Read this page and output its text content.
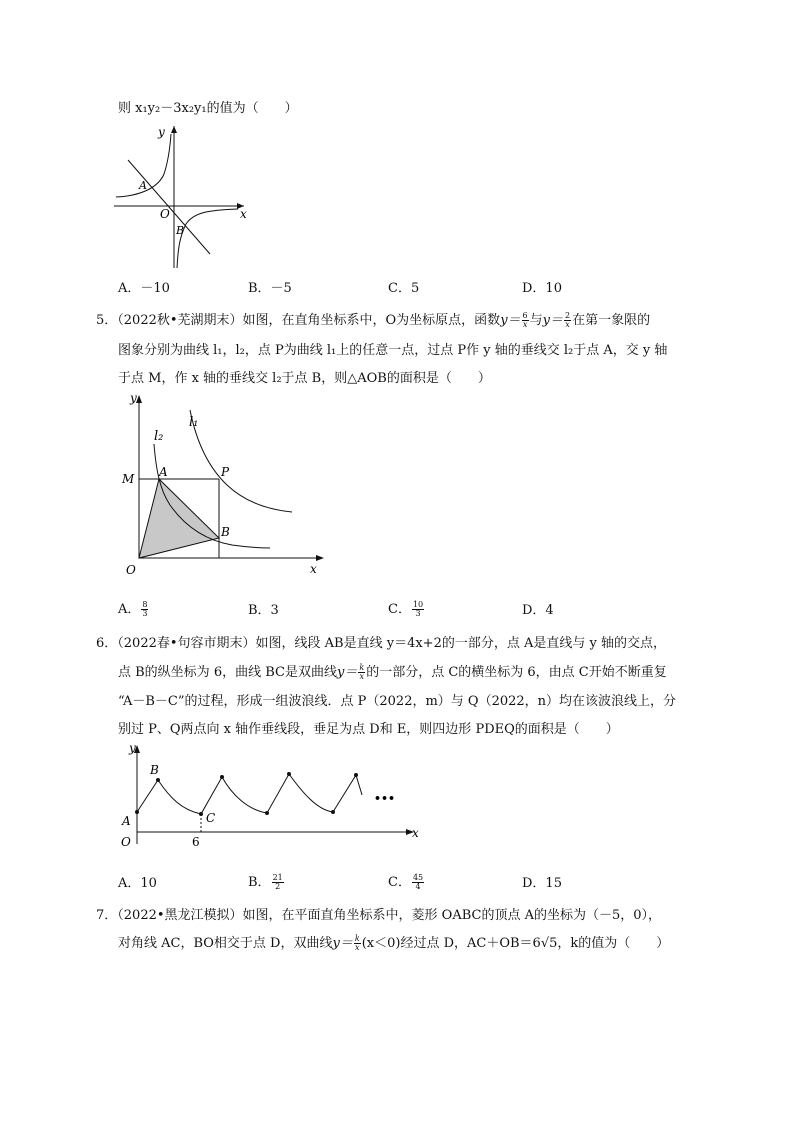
则 x₁y₂－3x₂y₁的值为（　　）
y
x
O
A
B
A．－10	B．－5	C．5	D．10
5．（2022秋•芜湖期末）如图，在直角坐标系中，O为坐标原点，函数$y= \frac{6}{x}$ 与$y= \frac{2}{x}$ 在第一象限的
图象分别为曲线 l₁，l₂，点 P为曲线 l₁上的任意一点，过点 P作 y 轴的垂线交 l₂于点 A，交 y 轴
于点 M，作 x 轴的垂线交 l₂于点 B，则△AOB的面积是（　　）
y
x
O
M A	P
B
l₁
l₂
A． $\frac{8}{3}$	B．3	C． $\frac{10}{3}$	D．4
6．（2022春•句容市期末）如图，线段 AB是直线 y＝4x+2的一部分，点 A是直线与 y 轴的交点，
点 B的纵坐标为 6，曲线 BC是双曲线$y= \frac{k}{x}$ 的一部分，点 C的横坐标为 6，由点 C开始不断重复
“A－B－C”的过程，形成一组波浪线．点 P（2022，m）与 Q（2022，n）均在该波浪线上，分
别过 P、Q两点向 x 轴作垂线段，垂足为点 D和 E，则四边形 PDEQ的面积是（　　）
y
x
O
A
B
C
6
•••
A．10	B． $\frac{21}{2}$	C． $\frac{45}{4}$	D．15
7．（2022•黑龙江模拟）如图，在平面直角坐标系中，菱形 OABC的顶点 A的坐标为（－5，0），
对角线 AC，BO相交于点 D，双曲线$y= \frac{k}{x} (x<0)$经过点 D，AC＋OB＝6√5，k的值为（　　）
